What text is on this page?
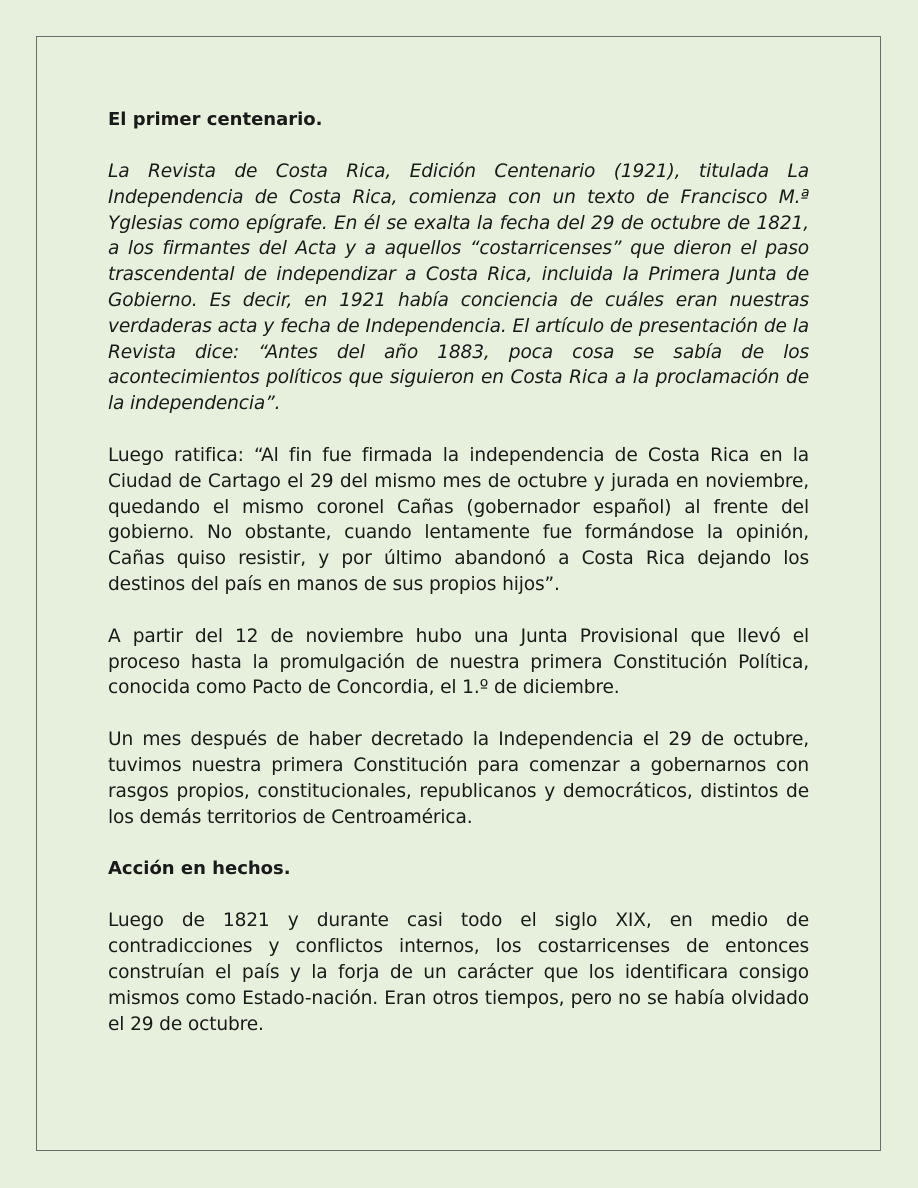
El primer centenario.

La Revista de Costa Rica, Edición Centenario (1921), titulada La Independencia de Costa Rica, comienza con un texto de Francisco M.ª Yglesias como epígrafe. En él se exalta la fecha del 29 de octubre de 1821, a los firmantes del Acta y a aquellos “costarricenses” que dieron el paso trascendental de independizar a Costa Rica, incluida la Primera Junta de Gobierno. Es decir, en 1921 había conciencia de cuáles eran nuestras verdaderas acta y fecha de Independencia. El artículo de presentación de la Revista dice: “Antes del año 1883, poca cosa se sabía de los acontecimientos políticos que siguieron en Costa Rica a la proclamación de la independencia”.

Luego ratifica: “Al fin fue firmada la independencia de Costa Rica en la Ciudad de Cartago el 29 del mismo mes de octubre y jurada en noviembre, quedando el mismo coronel Cañas (gobernador español) al frente del gobierno. No obstante, cuando lentamente fue formándose la opinión, Cañas quiso resistir, y por último abandonó a Costa Rica dejando los destinos del país en manos de sus propios hijos”.

A partir del 12 de noviembre hubo una Junta Provisional que llevó el proceso hasta la promulgación de nuestra primera Constitución Política, conocida como Pacto de Concordia, el 1.º de diciembre.

Un mes después de haber decretado la Independencia el 29 de octubre, tuvimos nuestra primera Constitución para comenzar a gobernarnos con rasgos propios, constitucionales, republicanos y democráticos, distintos de los demás territorios de Centroamérica.

Acción en hechos.

Luego de 1821 y durante casi todo el siglo XIX, en medio de contradicciones y conflictos internos, los costarricenses de entonces construían el país y la forja de un carácter que los identificara consigo mismos como Estado-nación. Eran otros tiempos, pero no se había olvidado el 29 de octubre.
